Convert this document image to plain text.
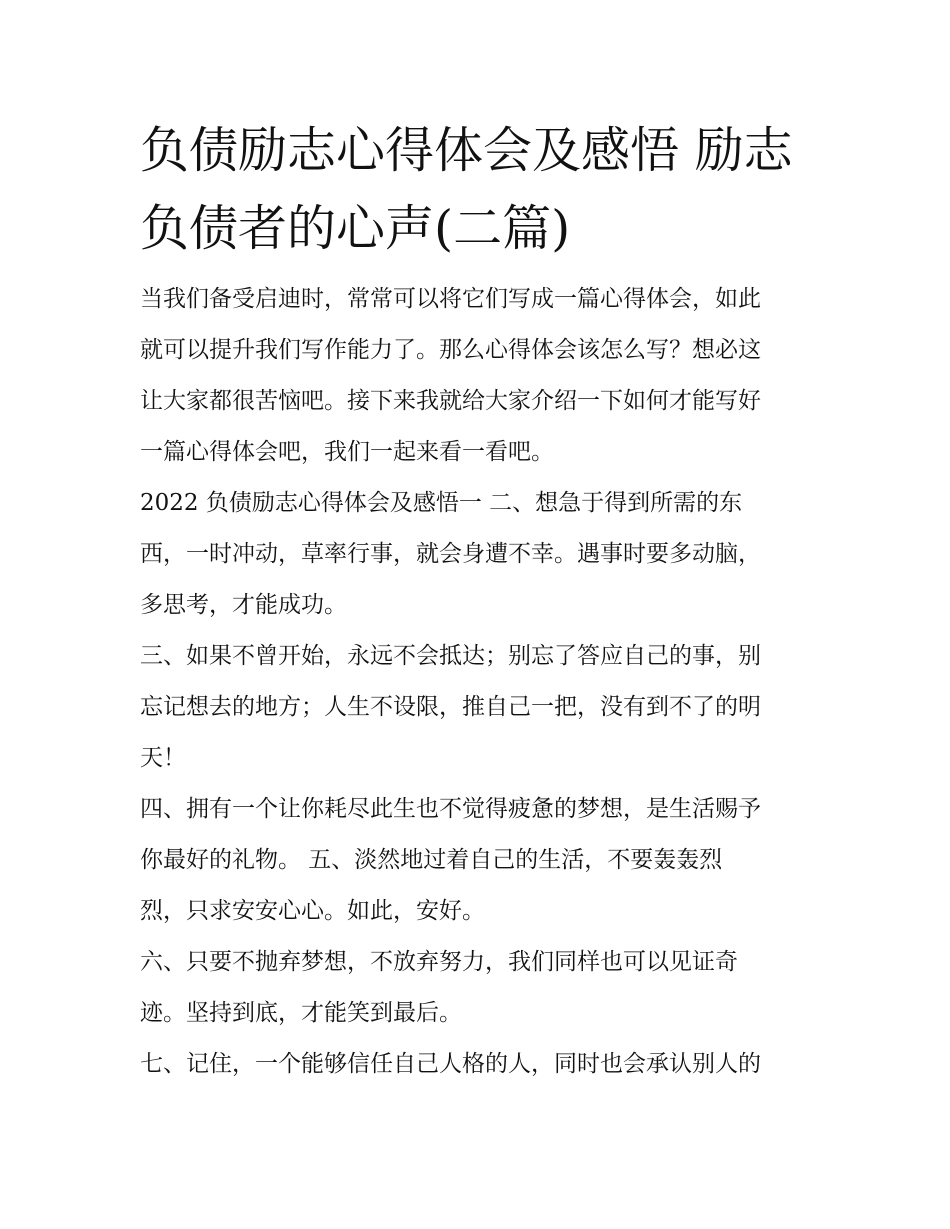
负债励志心得体会及感悟 励志
负债者的心声(二篇)
当我们备受启迪时，常常可以将它们写成一篇心得体会，如此
就可以提升我们写作能力了。那么心得体会该怎么写？想必这
让大家都很苦恼吧。接下来我就给大家介绍一下如何才能写好
一篇心得体会吧，我们一起来看一看吧。
2022 负债励志心得体会及感悟一 二、想急于得到所需的东
西，一时冲动，草率行事，就会身遭不幸。遇事时要多动脑，
多思考，才能成功。
三、如果不曾开始，永远不会抵达；别忘了答应自己的事，别
忘记想去的地方；人生不设限，推自己一把，没有到不了的明
天！
四、拥有一个让你耗尽此生也不觉得疲惫的梦想，是生活赐予
你最好的礼物。 五、淡然地过着自己的生活，不要轰轰烈
烈，只求安安心心。如此，安好。
六、只要不抛弃梦想，不放弃努力，我们同样也可以见证奇
迹。坚持到底，才能笑到最后。
七、记住，一个能够信任自己人格的人，同时也会承认别人的
